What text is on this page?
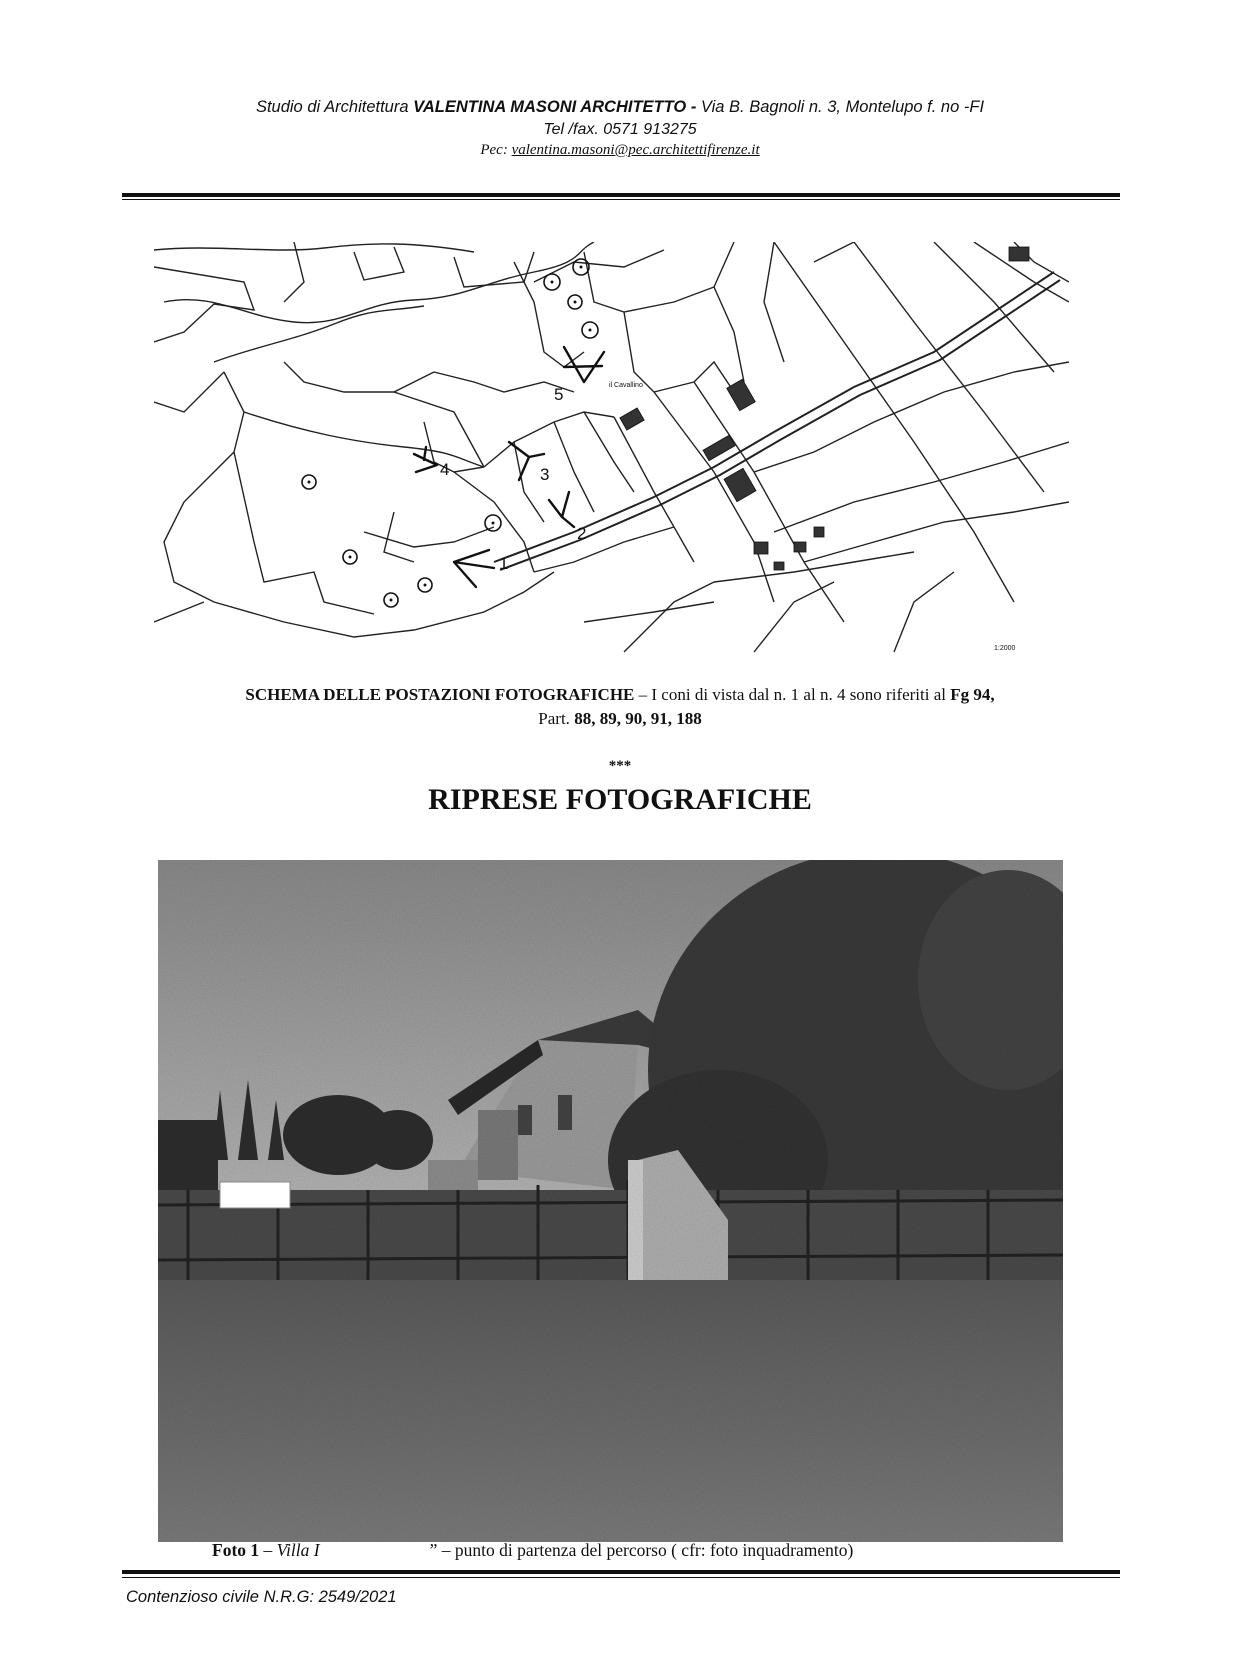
Studio di Architettura VALENTINA MASONI ARCHITETTO - Via B. Bagnoli n. 3, Montelupo f. no -FI
Tel /fax. 0571 913275
Pec: valentina.masoni@pec.architettifirenze.it
1
2
3
4
5	il Cavallino
1:2000
SCHEMA DELLE POSTAZIONI FOTOGRAFICHE – I coni di vista dal n. 1 al n. 4 sono riferiti al Fg 94,
Part. 88, 89, 90, 91, 188
***
RIPRESE FOTOGRAFICHE
Foto 1 – Villa I	” – punto di partenza del percorso ( cfr: foto inquadramento)
Contenzioso civile N.R.G: 2549/2021
